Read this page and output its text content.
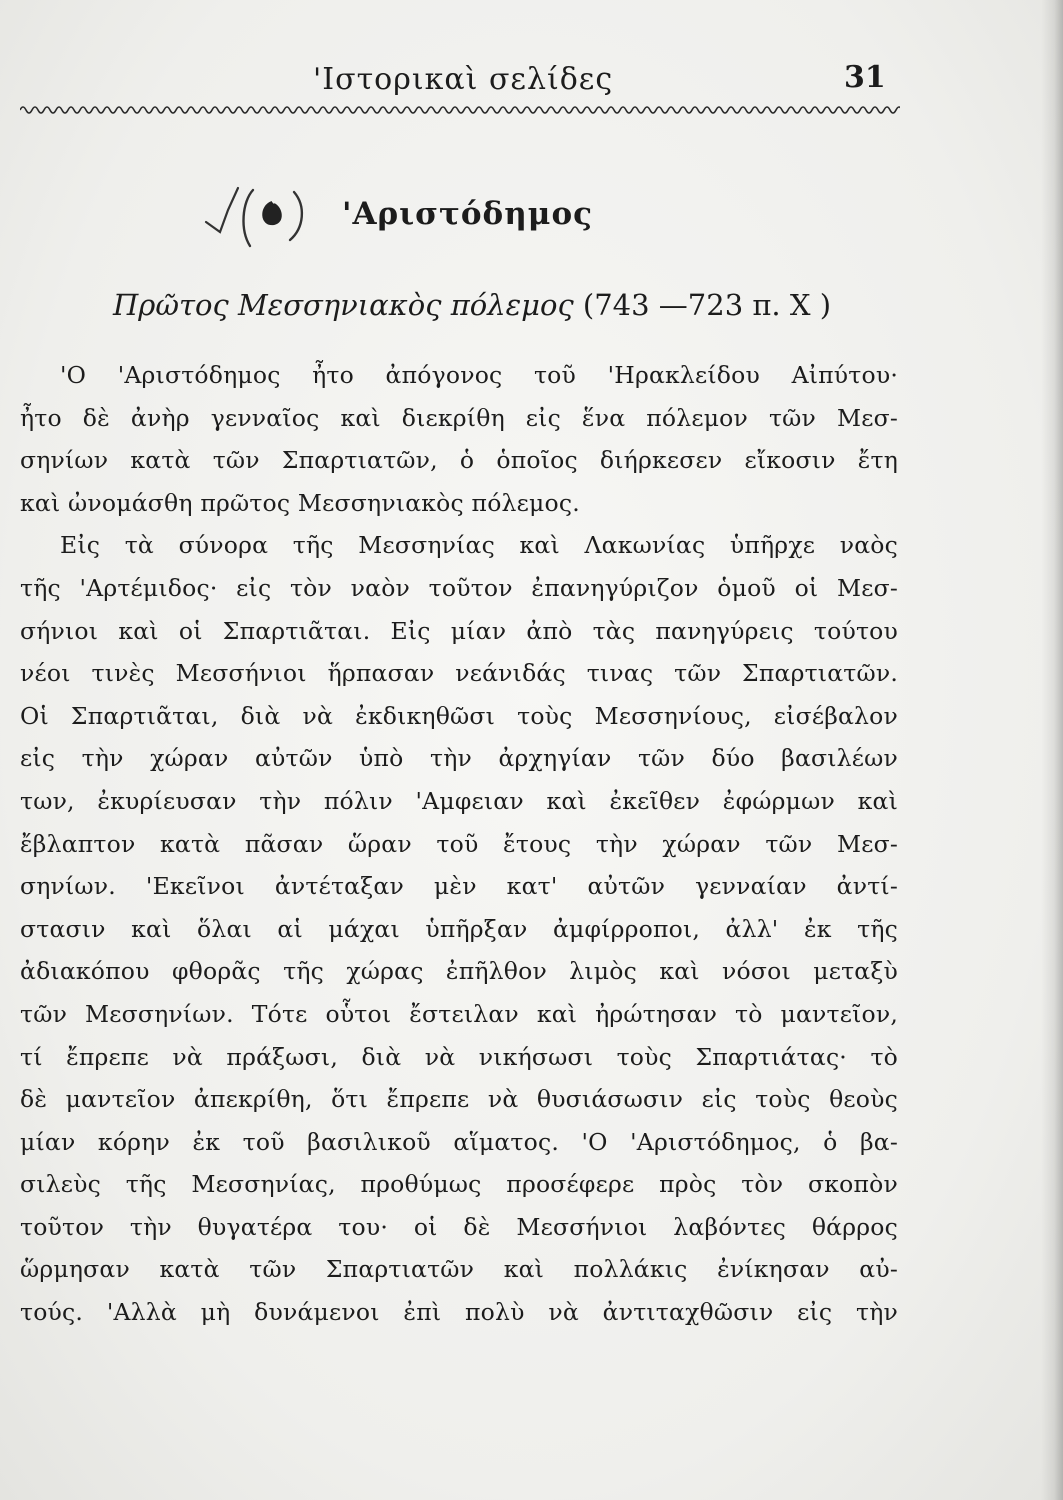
'Ιστορικαὶ σελίδες	31
'Αριστόδημος
Πρῶτος Μεσσηνιακὸς πόλεμος (743 —723 π. Χ )
'Ο 'Αριστόδημος ἦτο ἀπόγονος τοῦ 'Ηρακλείδου Αἰπύτου·
ἦτο δὲ ἀνὴρ γενναῖος καὶ διεκρίθη εἰς ἕνα πόλεμον τῶν Μεσ-
σηνίων κατὰ τῶν Σπαρτιατῶν, ὁ ὁποῖος διήρκεσεν εἴκοσιν ἔτη
καὶ ὠνομάσθη πρῶτος Μεσσηνιακὸς πόλεμος.
Εἰς τὰ σύνορα τῆς Μεσσηνίας καὶ Λακωνίας ὑπῆρχε ναὸς
τῆς 'Αρτέμιδος· εἰς τὸν ναὸν τοῦτον ἐπανηγύριζον ὁμοῦ οἱ Μεσ-
σήνιοι καὶ οἱ Σπαρτιᾶται. Εἰς μίαν ἀπὸ τὰς πανηγύρεις τούτου
νέοι τινὲς Μεσσήνιοι ἥρπασαν νεάνιδάς τινας τῶν Σπαρτιατῶν.
Οἱ Σπαρτιᾶται, διὰ νὰ ἐκδικηθῶσι τοὺς Μεσσηνίους, εἰσέβαλον
εἰς τὴν χώραν αὐτῶν ὑπὸ τὴν ἀρχηγίαν τῶν δύο βασιλέων
των, ἐκυρίευσαν τὴν πόλιν 'Αμφειαν καὶ ἐκεῖθεν ἐφώρμων καὶ
ἔβλαπτον κατὰ πᾶσαν ὥραν τοῦ ἔτους τὴν χώραν τῶν Μεσ-
σηνίων. 'Εκεῖνοι ἀντέταξαν μὲν κατ' αὐτῶν γενναίαν ἀντί-
στασιν καὶ ὅλαι αἱ μάχαι ὑπῆρξαν ἀμφίρροποι, ἀλλ' ἐκ τῆς
ἀδιακόπου φθορᾶς τῆς χώρας ἐπῆλθον λιμὸς καὶ νόσοι μεταξὺ
τῶν Μεσσηνίων. Τότε οὗτοι ἔστειλαν καὶ ἠρώτησαν τὸ μαντεῖον,
τί ἔπρεπε νὰ πράξωσι, διὰ νὰ νικήσωσι τοὺς Σπαρτιάτας· τὸ
δὲ μαντεῖον ἀπεκρίθη, ὅτι ἔπρεπε νὰ θυσιάσωσιν εἰς τοὺς θεοὺς
μίαν κόρην ἐκ τοῦ βασιλικοῦ αἵματος. 'Ο 'Αριστόδημος, ὁ βα-
σιλεὺς τῆς Μεσσηνίας, προθύμως προσέφερε πρὸς τὸν σκοπὸν
τοῦτον τὴν θυγατέρα του· οἱ δὲ Μεσσήνιοι λαβόντες θάρρος
ὥρμησαν κατὰ τῶν Σπαρτιατῶν καὶ πολλάκις ἐνίκησαν αὐ-
τούς. 'Αλλὰ μὴ δυνάμενοι ἐπὶ πολὺ νὰ ἀντιταχθῶσιν εἰς τὴν
